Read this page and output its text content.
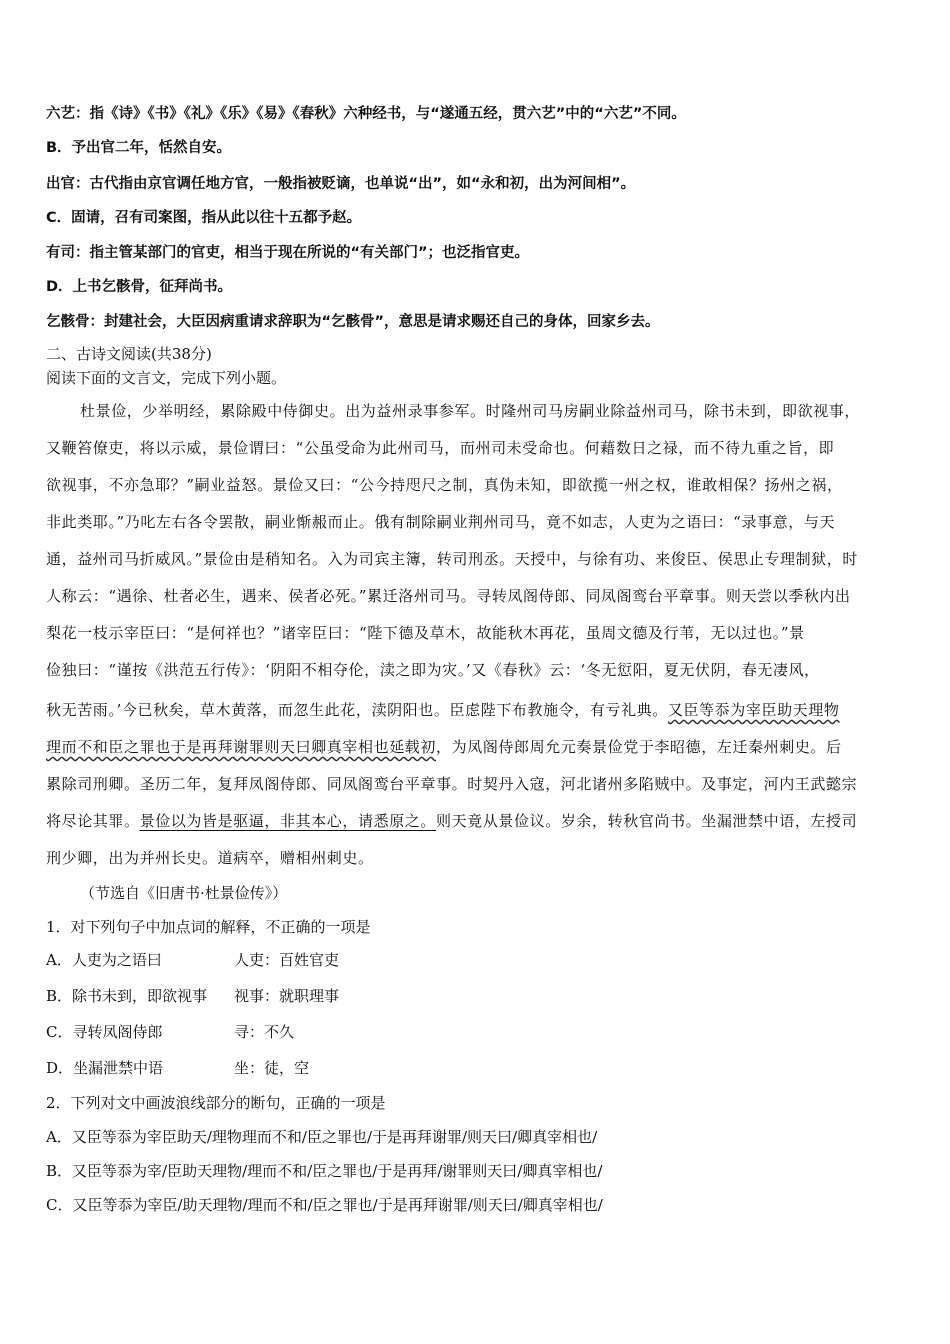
六艺：指《诗》《书》《礼》《乐》《易》《春秋》六种经书，与“遂通五经，贯六艺”中的“六艺”不同。
B．予出官二年，恬然自安。
出官：古代指由京官调任地方官，一般指被贬谪，也单说“出”，如“永和初，出为河间相”。
C．固请，召有司案图，指从此以往十五都予赵。
有司：指主管某部门的官吏，相当于现在所说的“有关部门”；也泛指官吏。
D．上书乞骸骨，征拜尚书。
乞骸骨：封建社会，大臣因病重请求辞职为“乞骸骨”，意思是请求赐还自己的身体，回家乡去。
二、古诗文阅读(共38分)
阅读下面的文言文，完成下列小题。
杜景俭，少举明经，累除殿中侍御史。出为益州录事参军。时隆州司马房嗣业除益州司马，除书未到，即欲视事，
又鞭笞僚吏，将以示威，景俭谓曰：“公虽受命为此州司马，而州司未受命也。何藉数日之禄，而不待九重之旨，即
欲视事，不亦急耶？”嗣业益怒。景俭又曰：“公今持咫尺之制，真伪未知，即欲揽一州之权，谁敢相保？扬州之祸，
非此类耶。”乃叱左右各令罢散，嗣业惭赧而止。俄有制除嗣业荆州司马，竟不如志，人吏为之语曰：“录事意，与天
通，益州司马折威风。”景俭由是稍知名。入为司宾主簿，转司刑丞。天授中，与徐有功、来俊臣、侯思止专理制狱，时
人称云：“遇徐、杜者必生，遇来、侯者必死。”累迁洛州司马。寻转凤阁侍郎、同凤阁鸾台平章事。则天尝以季秋内出
梨花一枝示宰臣曰：“是何祥也？”诸宰臣曰：“陛下德及草木，故能秋木再花，虽周文德及行苇，无以过也。”景
俭独曰：“谨按《洪范五行传》：‘阴阳不相夺伦，渎之即为灾。’又《春秋》云：‘冬无愆阳，夏无伏阴，春无凄风，
秋无苦雨。’今已秋矣，草木黄落，而忽生此花，渎阴阳也。臣虑陛下布教施令，有亏礼典。又臣等忝为宰臣助天理物
理而不和臣之罪也于是再拜谢罪则天曰卿真宰相也延载初，为凤阁侍郎周允元奏景俭党于李昭德，左迁秦州刺史。后
累除司刑卿。圣历二年，复拜凤阁侍郎、同凤阁鸾台平章事。时契丹入寇，河北诸州多陷贼中。及事定，河内王武懿宗
将尽论其罪。景俭以为皆是驱逼，非其本心，请悉原之。则天竟从景俭议。岁余，转秋官尚书。坐漏泄禁中语，左授司
刑少卿，出为并州长史。道病卒，赠相州刺史。
（节选自《旧唐书·杜景俭传》）
1．对下列句子中加点词的解释，不正确的一项是
A．人吏为之语曰	人吏：百姓官吏
B．除书未到，即欲视事	视事：就职理事
C．寻转凤阁侍郎	寻：不久
D．坐漏泄禁中语	坐：徒，空
2．下列对文中画波浪线部分的断句，正确的一项是
A．又臣等忝为宰臣助天/理物理而不和/臣之罪也/于是再拜谢罪/则天曰/卿真宰相也/
B．又臣等忝为宰/臣助天理物/理而不和/臣之罪也/于是再拜/谢罪则天曰/卿真宰相也/
C．又臣等忝为宰臣/助天理物/理而不和/臣之罪也/于是再拜谢罪/则天曰/卿真宰相也/
